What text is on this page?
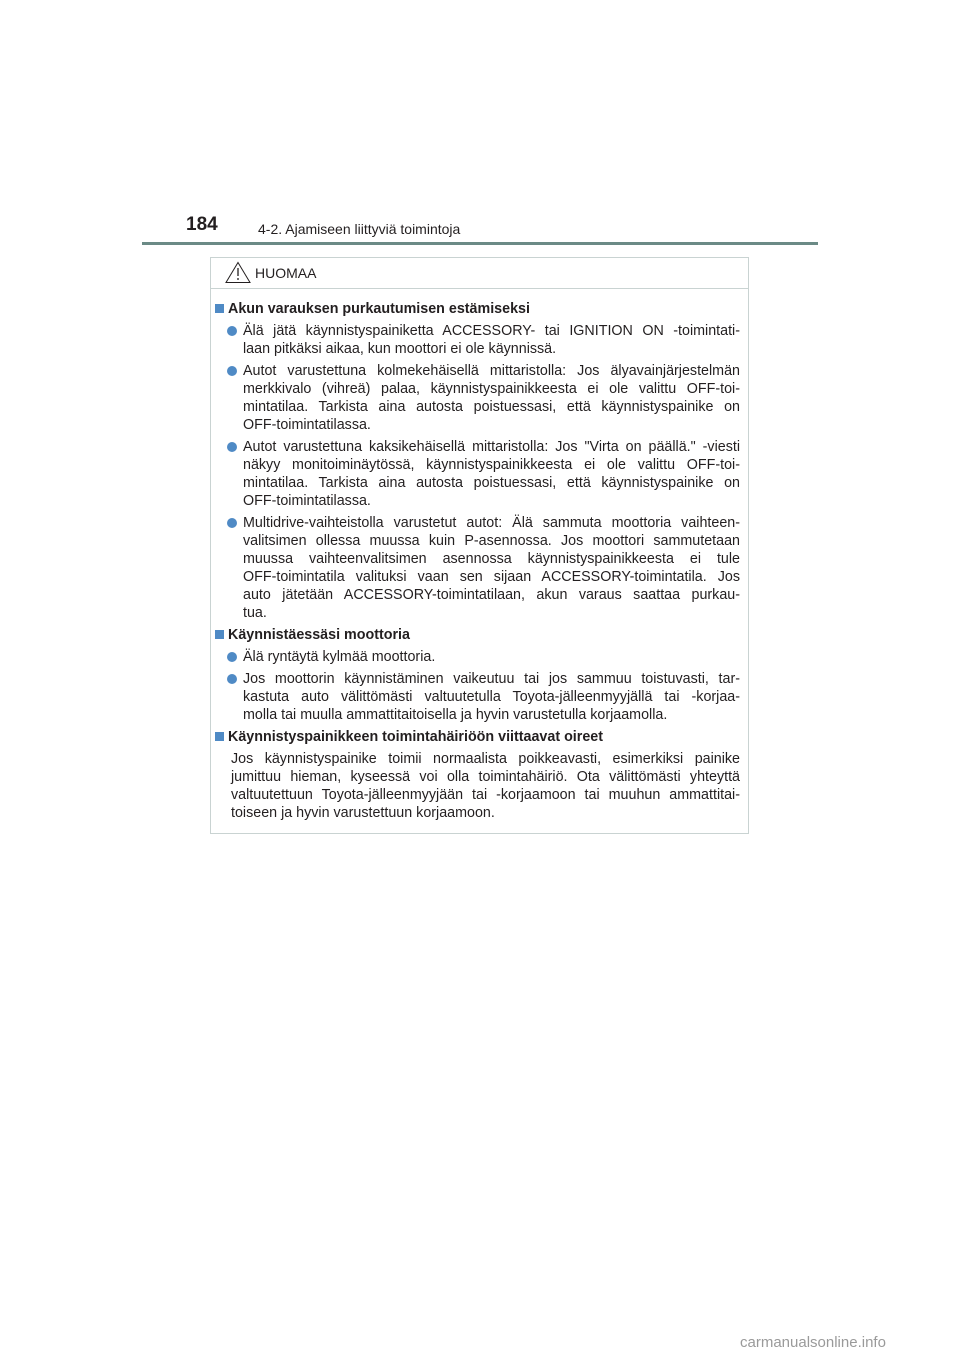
184	4-2. Ajamiseen liittyviä toimintoja
HUOMAA
Akun varauksen purkautumisen estämiseksi
Älä jätä käynnistyspainiketta ACCESSORY- tai IGNITION ON -toimintati-
laan pitkäksi aikaa, kun moottori ei ole käynnissä.
Autot varustettuna kolmekehäisellä mittaristolla: Jos älyavainjärjestelmän
merkkivalo (vihreä) palaa, käynnistyspainikkeesta ei ole valittu OFF-toi-
mintatilaa. Tarkista aina autosta poistuessasi, että käynnistyspainike on
OFF-toimintatilassa.
Autot varustettuna kaksikehäisellä mittaristolla: Jos "Virta on päällä." -viesti
näkyy monitoiminäytössä, käynnistyspainikkeesta ei ole valittu OFF-toi-
mintatilaa. Tarkista aina autosta poistuessasi, että käynnistyspainike on
OFF-toimintatilassa.
Multidrive-vaihteistolla varustetut autot: Älä sammuta moottoria vaihteen-
valitsimen ollessa muussa kuin P-asennossa. Jos moottori sammutetaan
muussa vaihteenvalitsimen asennossa käynnistyspainikkeesta ei tule
OFF-toimintatila valituksi vaan sen sijaan ACCESSORY-toimintatila. Jos
auto jätetään ACCESSORY-toimintatilaan, akun varaus saattaa purkau-
tua.
Käynnistäessäsi moottoria
Älä ryntäytä kylmää moottoria.
Jos moottorin käynnistäminen vaikeutuu tai jos sammuu toistuvasti, tar-
kastuta auto välittömästi valtuutetulla Toyota-jälleenmyyjällä tai -korjaa-
molla tai muulla ammattitaitoisella ja hyvin varustetulla korjaamolla.
Käynnistyspainikkeen toimintahäiriöön viittaavat oireet
Jos käynnistyspainike toimii normaalista poikkeavasti, esimerkiksi painike
jumittuu hieman, kyseessä voi olla toimintahäiriö. Ota välittömästi yhteyttä
valtuutettuun Toyota-jälleenmyyjään tai -korjaamoon tai muuhun ammattitai-
toiseen ja hyvin varustettuun korjaamoon.
carmanualsonline.info
